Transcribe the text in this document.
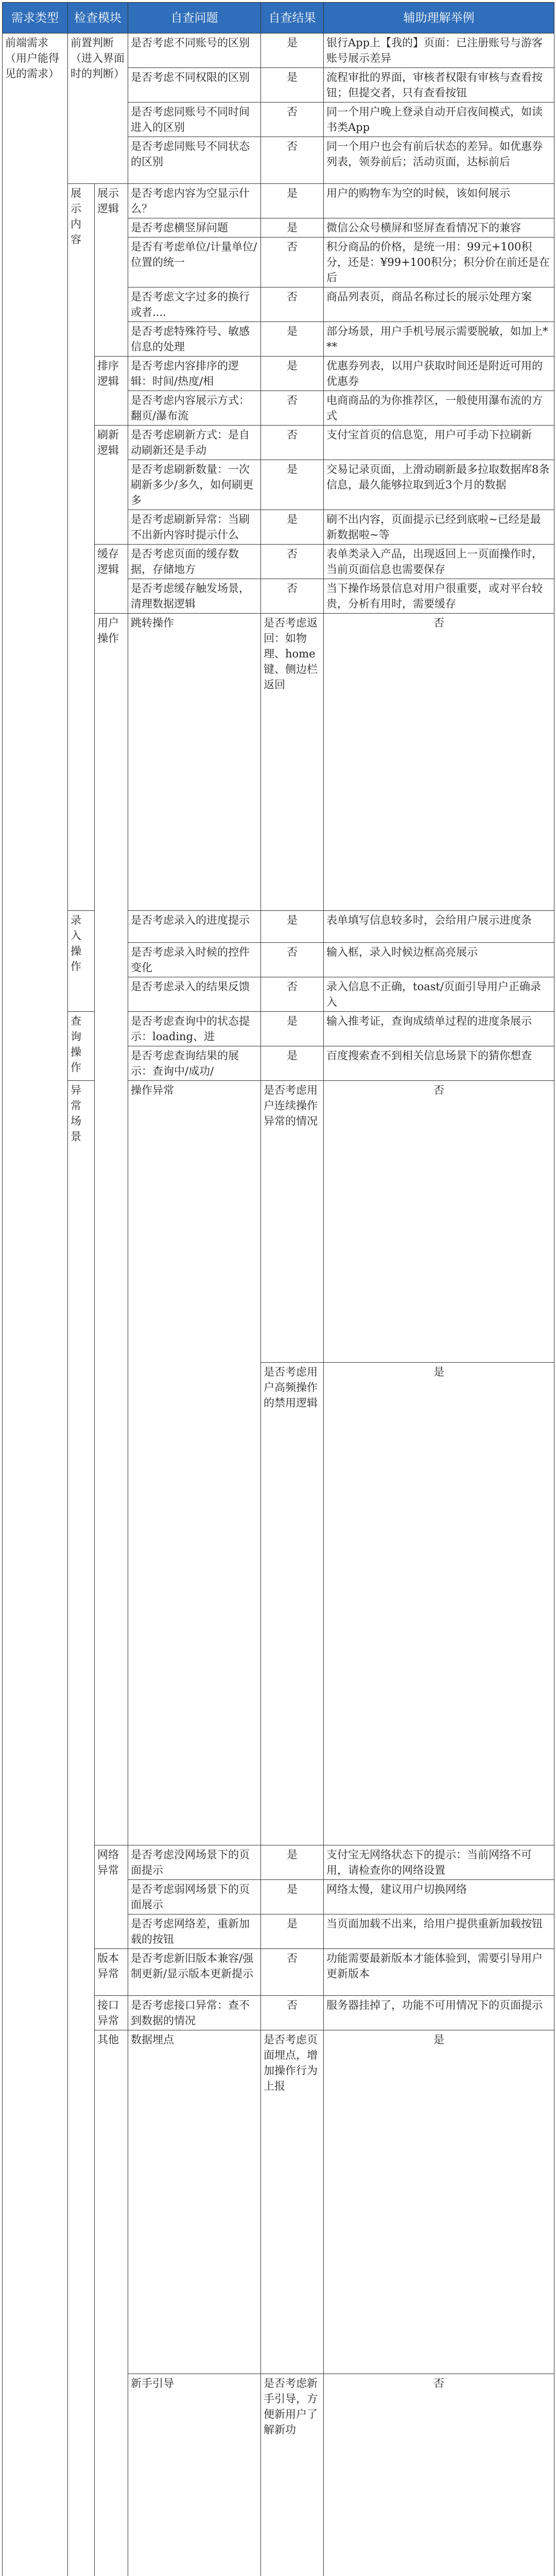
需求类型	检查模块		自查问题	自查结果	辅助理解举例	
前端需求（用户能得见的需求）	前置判断（进入界面时的判断）		是否考虑不同账号的区别	是	银行App上【我的】页面：已注册账号与游客账号展示差异	
			是否考虑不同权限的区别	是	流程审批的界面，审核者权限有审核与查看按钮；但提交者，只有查看按钮	
			是否考虑同账号不同时间进入的区别	否	同一个用户晚上登录自动开启夜间模式，如读书类App	
			是否考虑同账号不同状态的区别	否	同一个用户也会有前后状态的差异。如优惠券列表，领券前后；活动页面，达标前后	
	展示内容	展示逻辑	是否考虑内容为空显示什么？	是	用户的购物车为空的时候，该如何展示	
			是否考虑横竖屏问题	是	微信公众号横屏和竖屏查看情况下的兼容	
			是否有考虑单位/计量单位/位置的统一	否	积分商品的价格，是统一用：99元+100积分，还是：¥99+100积分；积分价在前还是在后	
			是否考虑文字过多的换行或者....	否	商品列表页，商品名称过长的展示处理方案	
			是否考虑特殊符号、敏感信息的处理	是	部分场景，用户手机号展示需要脱敏，如加上***	
		排序逻辑	是否考虑内容排序的逻辑：时间/热度/相	是	优惠券列表，以用户获取时间还是附近可用的优惠券	
			是否考虑内容展示方式：翻页/瀑布流	否	电商商品的为你推荐区，一般使用瀑布流的方式	
		刷新逻辑	是否考虑刷新方式：是自动刷新还是手动	否	支付宝首页的信息览，用户可手动下拉刷新	
			是否考虑刷新数量：一次刷新多少/多久，如何刷更多	是	交易记录页面，上滑动刷新最多拉取数据库8条信息，最久能够拉取到近3个月的数据	
			是否考虑刷新异常：当刷不出新内容时提示什么	是	刷不出内容，页面提示已经到底啦~已经是最新数据啦~等	
		缓存逻辑	是否考虑页面的缓存数据，存储地方	否	表单类录入产品，出现返回上一页面操作时，当前页面信息也需要保存	
			是否考虑缓存触发场景，清理数据逻辑	否	当下操作场景信息对用户很重要，或对平台较贵，分析有用时，需要缓存	
		用户操作	跳转操作	是否考虑返回：如物理、home键、侧边栏返回	否	
	录入操作		是否考虑录入的进度提示	是	表单填写信息较多时，会给用户展示进度条	
			是否考虑录入时候的控件变化	否	输入框，录入时候边框高亮展示	
			是否考虑录入的结果反馈	否	录入信息不正确，toast/页面引导用户正确录入	
	查询操作		是否考虑查询中的状态提示：loading、进	是	输入推考证，查询成绩单过程的进度条展示	
			是否考虑查询结果的展示：查询中/成功/	是	百度搜索查不到相关信息场景下的猜你想查	
	异常场景		操作异常	是否考虑用户连续操作异常的情况	否	
				是否考虑用户高频操作的禁用逻辑	是	
		网络异常	是否考虑没网场景下的页面提示	是	支付宝无网络状态下的提示：当前网络不可用，请检查你的网络设置	
			是否考虑弱网场景下的页面展示	是	网络太慢，建议用户切换网络	
			是否考虑网络差，重新加载的按钮	是	当页面加载不出来，给用户提供重新加载按钮	
		版本异常	是否考虑新旧版本兼容/强制更新/显示版本更新提示	否	功能需要最新版本才能体验到，需要引导用户更新版本	
		接口异常	是否考虑接口异常：查不到数据的情况	否	服务器挂掉了，功能不可用情况下的页面提示	
		其他	数据埋点	是否考虑页面埋点，增加操作行为上报	是	
			新手引导	是否考虑新手引导，方便新用户了解新功	否	
